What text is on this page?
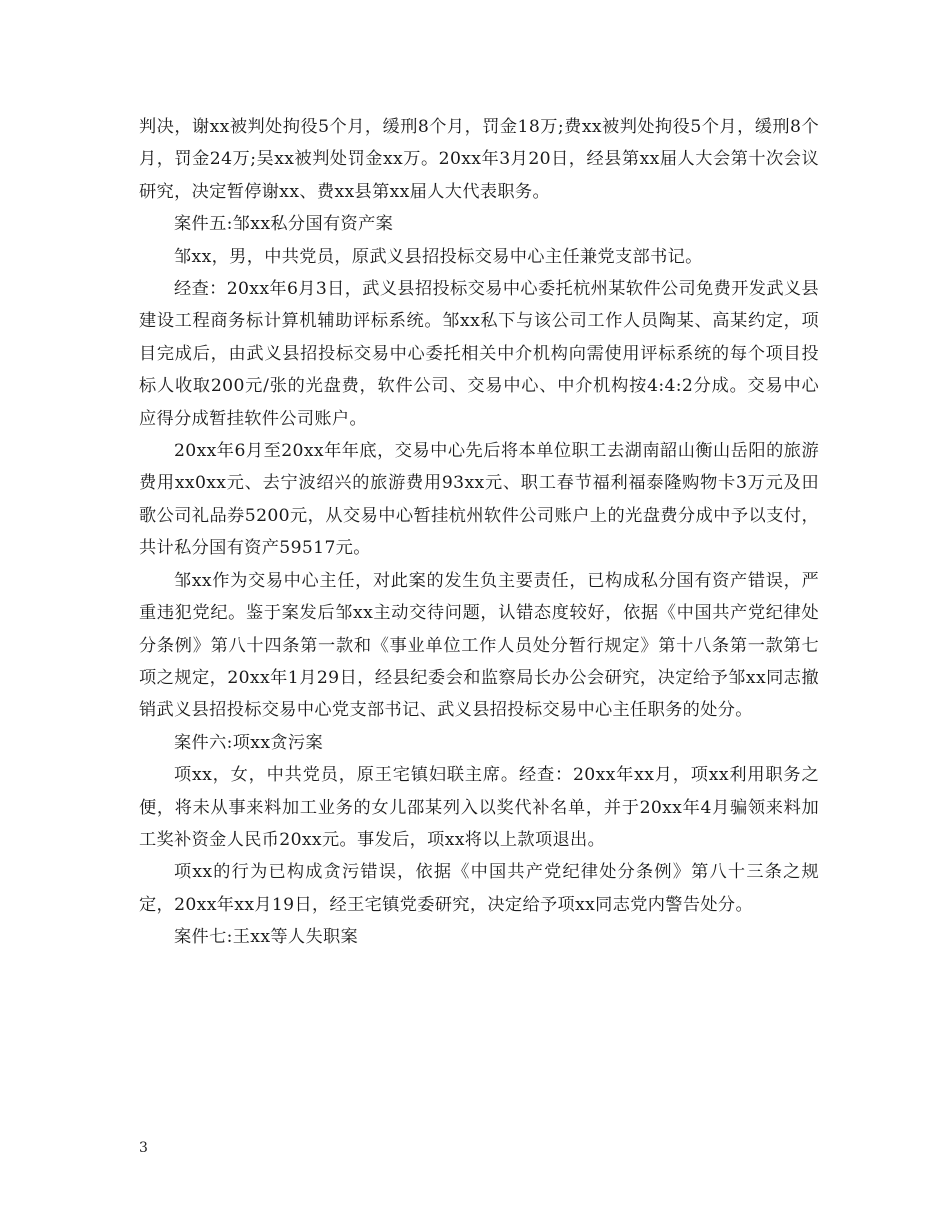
判决，谢xx被判处拘役5个月，缓刑8个月，罚金18万;费xx被判处拘役5个月，缓刑8个月，罚金24万;吴xx被判处罚金xx万。20xx年3月20日，经县第xx届人大会第十次会议研究，决定暂停谢xx、费xx县第xx届人大代表职务。

案件五:邹xx私分国有资产案

邹xx，男，中共党员，原武义县招投标交易中心主任兼党支部书记。

经查：20xx年6月3日，武义县招投标交易中心委托杭州某软件公司免费开发武义县建设工程商务标计算机辅助评标系统。邹xx私下与该公司工作人员陶某、高某约定，项目完成后，由武义县招投标交易中心委托相关中介机构向需使用评标系统的每个项目投标人收取200元/张的光盘费，软件公司、交易中心、中介机构按4:4:2分成。交易中心应得分成暂挂软件公司账户。

20xx年6月至20xx年年底，交易中心先后将本单位职工去湖南韶山衡山岳阳的旅游费用xx0xx元、去宁波绍兴的旅游费用93xx元、职工春节福利福泰隆购物卡3万元及田歌公司礼品券5200元，从交易中心暂挂杭州软件公司账户上的光盘费分成中予以支付，共计私分国有资产59517元。

邹xx作为交易中心主任，对此案的发生负主要责任，已构成私分国有资产错误，严重违犯党纪。鉴于案发后邹xx主动交待问题，认错态度较好，依据《中国共产党纪律处分条例》第八十四条第一款和《事业单位工作人员处分暂行规定》第十八条第一款第七项之规定，20xx年1月29日，经县纪委会和监察局长办公会研究，决定给予邹xx同志撤销武义县招投标交易中心党支部书记、武义县招投标交易中心主任职务的处分。

案件六:项xx贪污案

项xx，女，中共党员，原王宅镇妇联主席。经查：20xx年xx月，项xx利用职务之便，将未从事来料加工业务的女儿邵某列入以奖代补名单，并于20xx年4月骗领来料加工奖补资金人民币20xx元。事发后，项xx将以上款项退出。

项xx的行为已构成贪污错误，依据《中国共产党纪律处分条例》第八十三条之规定，20xx年xx月19日，经王宅镇党委研究，决定给予项xx同志党内警告处分。

案件七:王xx等人失职案

3
